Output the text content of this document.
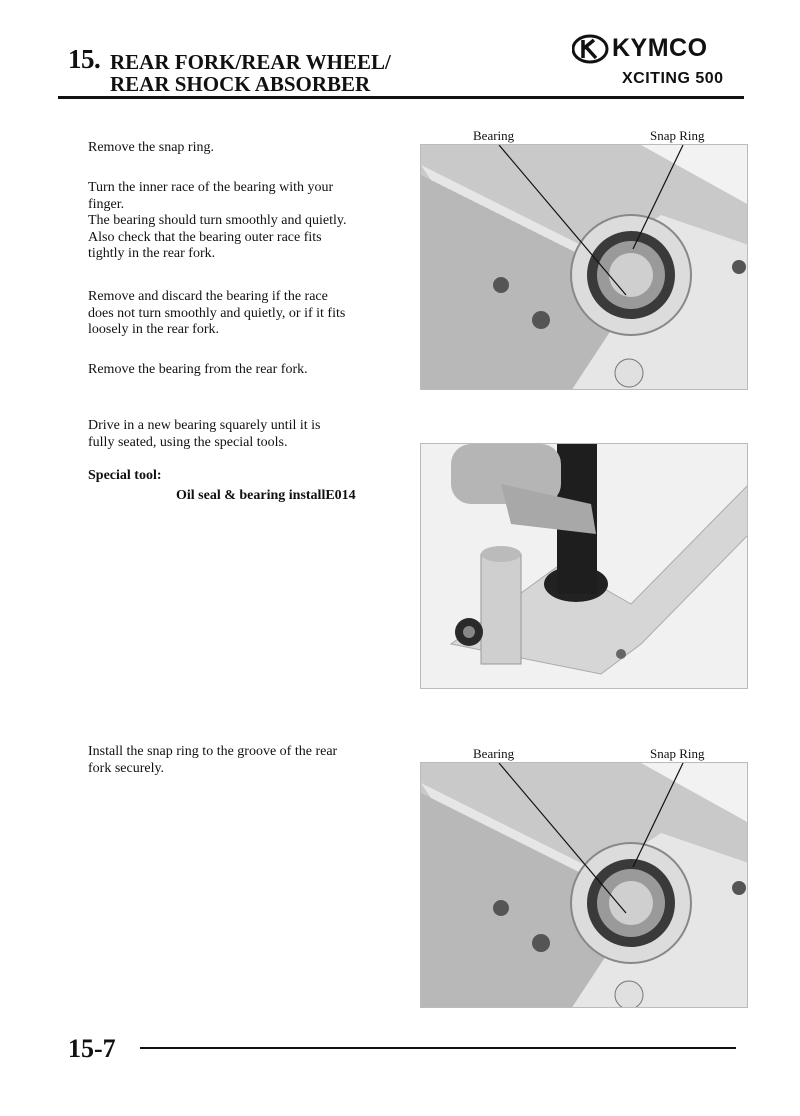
15. REAR FORK/REAR WHEEL/
REAR SHOCK ABSORBER
KYMCO
XCITING 500
Remove the snap ring.
Turn the inner race of the bearing with your
finger.
The bearing should turn smoothly and quietly.
Also check that the bearing outer race fits
tightly in the rear fork.
Remove and discard the bearing if the race
does not turn smoothly and quietly, or if it fits
loosely in the rear fork.
Remove the bearing from the rear fork.
Drive in a new bearing squarely until it is
fully seated, using the special tools.
Special tool:
Oil seal & bearing installE014
Install the snap ring to the groove of the rear
fork securely.
Bearing	Snap Ring
Bearing	Snap Ring
15-7
